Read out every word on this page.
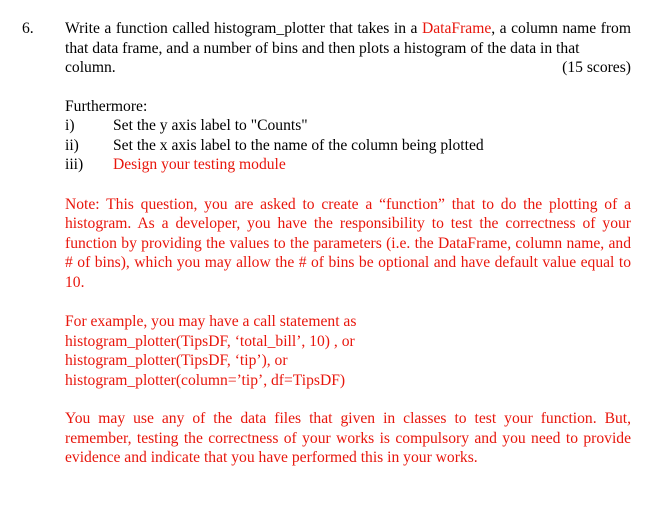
6. Write a function called histogram_plotter that takes in a DataFrame, a column name from that data frame, and a number of bins and then plots a histogram of the data in that

column.	(15 scores)
Furthermore:
i)	Set the y axis label to "Counts"
ii)	Set the x axis label to the name of the column being plotted
iii)	Design your testing module

Note: This question, you are asked to create a “function” that to do the plotting of a histogram. As a developer, you have the responsibility to test the correctness of your function by providing the values to the parameters (i.e. the DataFrame, column name, and # of bins), which you may allow the # of bins be optional and have default value equal to 10.

For example, you may have a call statement as
histogram_plotter(TipsDF, ‘total_bill’, 10) , or
histogram_plotter(TipsDF, ‘tip’), or
histogram_plotter(column=’tip’, df=TipsDF)

You may use any of the data files that given in classes to test your function. But, remember, testing the correctness of your works is compulsory and you need to provide evidence and indicate that you have performed this in your works.
